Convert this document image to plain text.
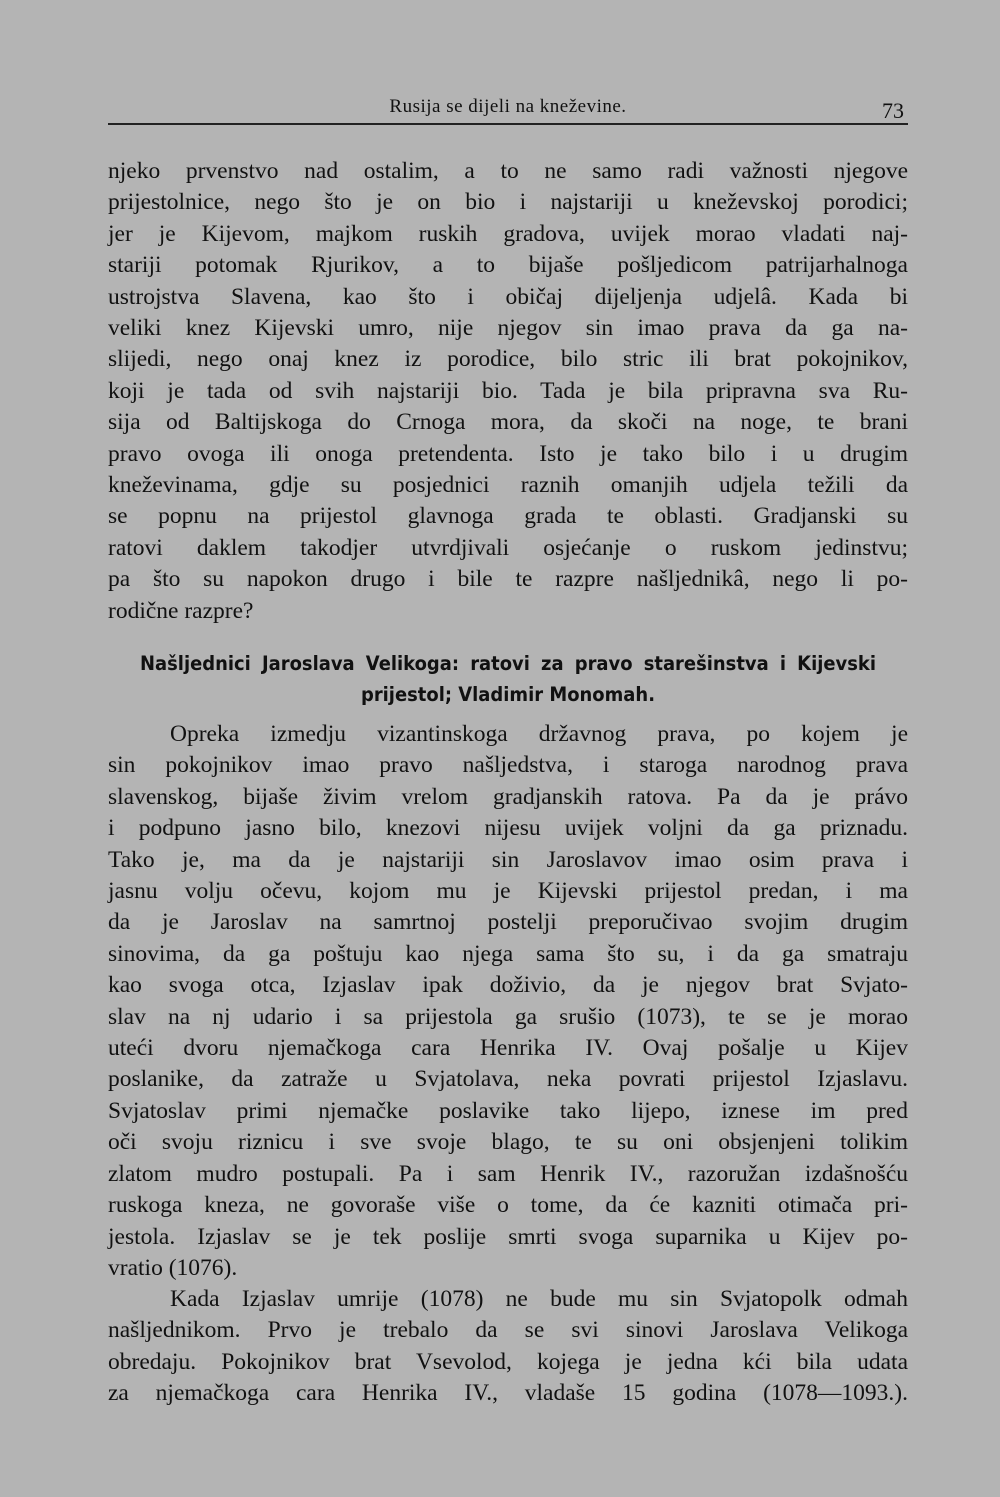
Rusija se dijeli na kneževine.	73
njeko prvenstvo nad ostalim, a to ne samo radi važnosti njegove
prijestolnice, nego što je on bio i najstariji u kneževskoj porodici;
jer je Kijevom, majkom ruskih gradova, uvijek morao vladati naj-
stariji potomak Rjurikov, a to bijaše pošljedicom patrijarhalnoga
ustrojstva Slavena, kao što i običaj dijeljenja udjelâ. Kada bi
veliki knez Kijevski umro, nije njegov sin imao prava da ga na-
slijedi, nego onaj knez iz porodice, bilo stric ili brat pokojnikov,
koji je tada od svih najstariji bio. Tada je bila pripravna sva Ru-
sija od Baltijskoga do Crnoga mora, da skoči na noge, te brani
pravo ovoga ili onoga pretendenta. Isto je tako bilo i u drugim
kneževinama, gdje su posjednici raznih omanjih udjela težili da
se popnu na prijestol glavnoga grada te oblasti. Gradjanski su
ratovi daklem takodjer utvrdjivali osjećanje o ruskom jedinstvu;
pa što su napokon drugo i bile te razpre našljednikâ, nego li po-
rodične razpre?
Našljednici Jaroslava Velikoga: ratovi za pravo starešinstva i Kijevski
prijestol; Vladimir Monomah.
Opreka izmedju vizantinskoga državnog prava, po kojem je
sin pokojnikov imao pravo našljedstva, i staroga narodnog prava
slavenskog, bijaše živim vrelom gradjanskih ratova. Pa da je právo
i podpuno jasno bilo, knezovi nijesu uvijek voljni da ga priznadu.
Tako je, ma da je najstariji sin Jaroslavov imao osim prava i
jasnu volju očevu, kojom mu je Kijevski prijestol predan, i ma
da je Jaroslav na samrtnoj postelji preporučivao svojim drugim
sinovima, da ga poštuju kao njega sama što su, i da ga smatraju
kao svoga otca, Izjaslav ipak doživio, da je njegov brat Svjato-
slav na nj udario i sa prijestola ga srušio (1073), te se je morao
uteći dvoru njemačkoga cara Henrika IV. Ovaj pošalje u Kijev
poslanike, da zatraže u Svjatolava, neka povrati prijestol Izjaslavu.
Svjatoslav primi njemačke poslavike tako lijepo, iznese im pred
oči svoju riznicu i sve svoje blago, te su oni obsjenjeni tolikim
zlatom mudro postupali. Pa i sam Henrik IV., razoružan izdašnošću
ruskoga kneza, ne govoraše više o tome, da će kazniti otimača pri-
jestola. Izjaslav se je tek poslije smrti svoga suparnika u Kijev po-
vratio (1076).
Kada Izjaslav umrije (1078) ne bude mu sin Svjatopolk odmah
našljednikom. Prvo je trebalo da se svi sinovi Jaroslava Velikoga
obredaju. Pokojnikov brat Vsevolod, kojega je jedna kći bila udata
za njemačkoga cara Henrika IV., vladaše 15 godina (1078—1093.).
